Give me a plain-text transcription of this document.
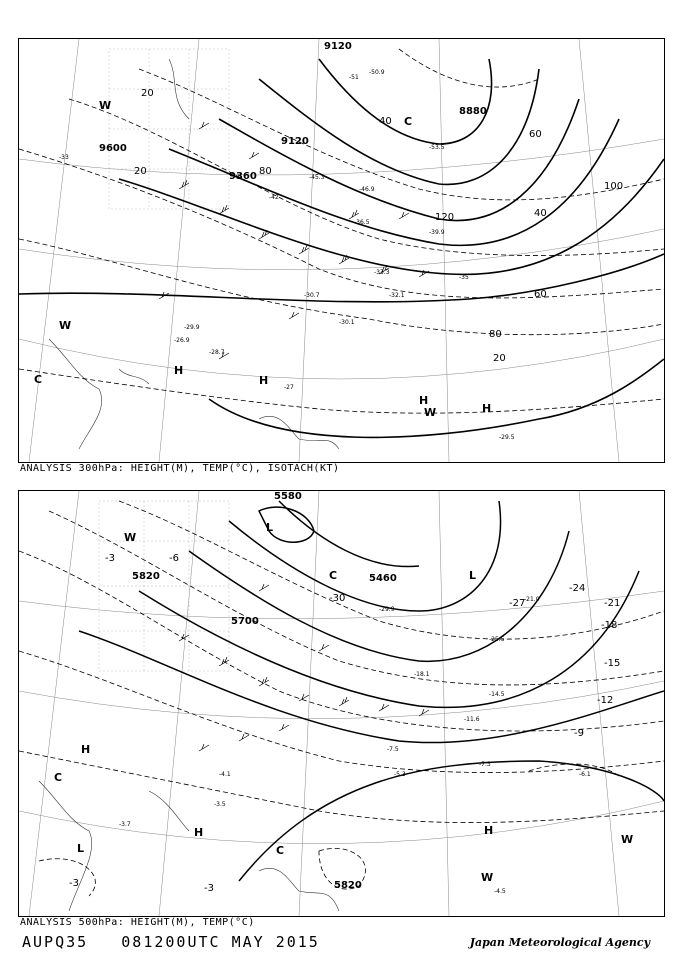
9120
8880
9600
9360
9120
20
40
60
80
100
120
20
40
60
80
20
-33
-51
-50.9
-45.3
-53.5
-46.9
-39.9
-36.5
-33.3
-32.1
-30.1
-30.7
-29.9
-28.7
-26.9
-27
-29.5
-35
-42
W
C
H
H
H
W	H
C
W
ANALYSIS 300hPa: HEIGHT(M), TEMP(°C), ISOTACH(KT)
5820
5700
5460
5580
5820
-3	-6
-9
-12
-15
-18
-21
-24
-27
-30
-3	-3
-21.0
-29.9
-25.5
-18.1
-14.5
-11.6
-7.5
-5.3
-7.3
-6.1
-4.5
-3.7
-3.5
-4.1
W
C
L
C
H
H
L	C
H
W
W
L
ANALYSIS 500hPa: HEIGHT(M), TEMP(°C)
AUPQ35 081200UTC MAY 2015	Japan Meteorological Agency
